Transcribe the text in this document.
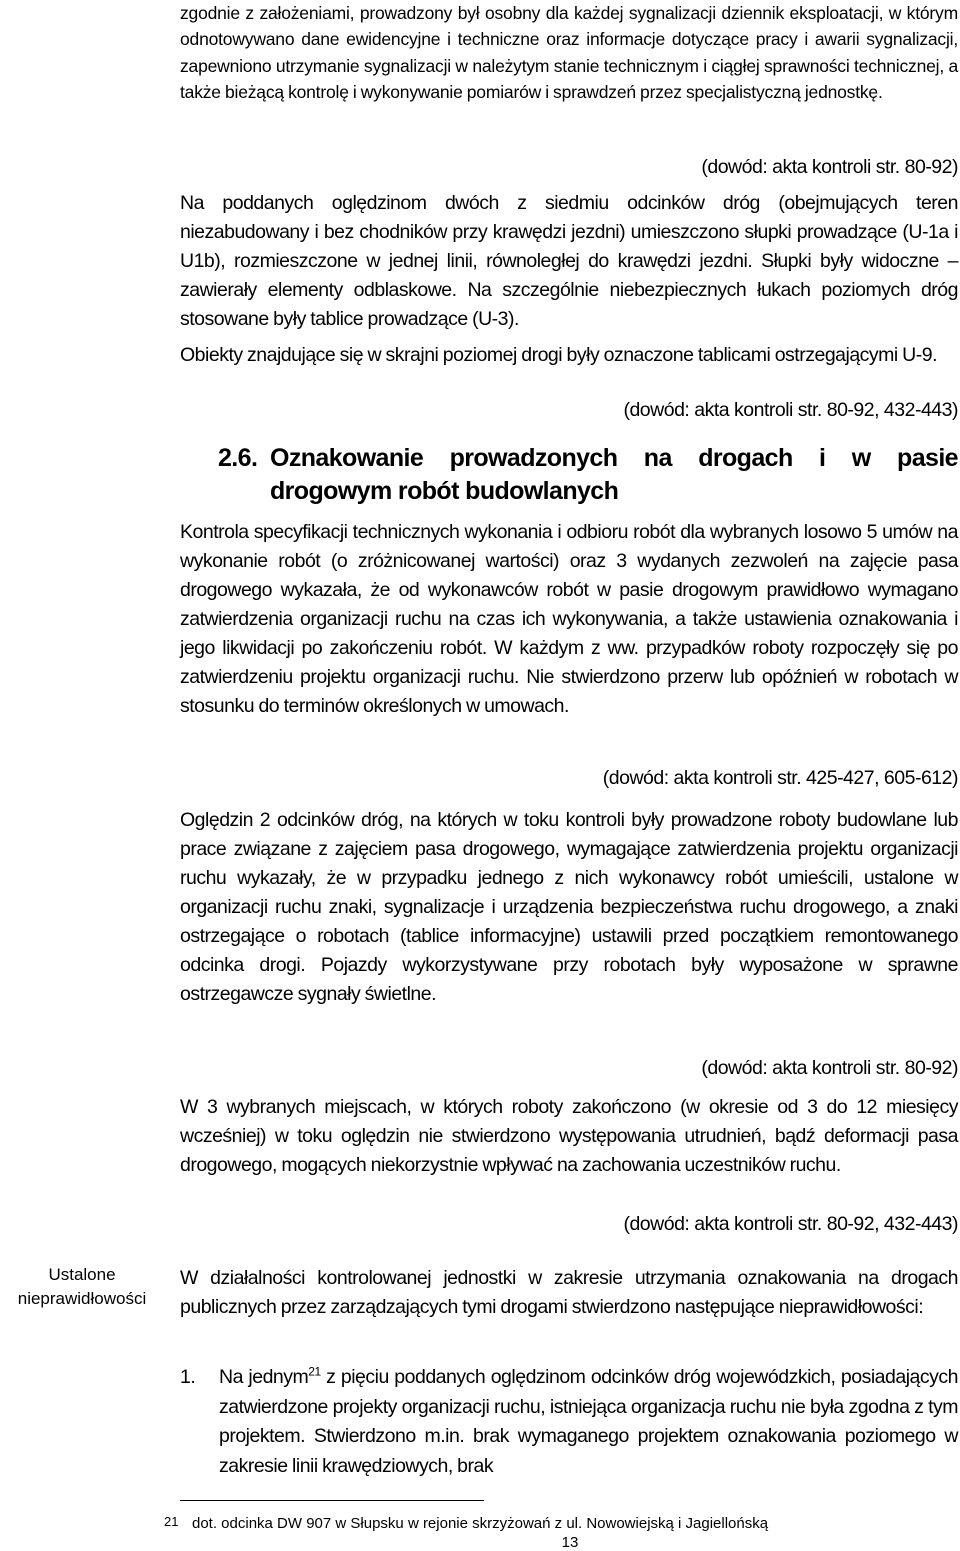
zgodnie z założeniami, prowadzony był osobny dla każdej sygnalizacji dziennik eksploatacji, w którym odnotowywano dane ewidencyjne i techniczne oraz informacje dotyczące pracy i awarii sygnalizacji, zapewniono utrzymanie sygnalizacji w należytym stanie technicznym i ciągłej sprawności technicznej, a także bieżącą kontrolę i wykonywanie pomiarów i sprawdzeń przez specjalistyczną jednostkę.

(dowód: akta kontroli str. 80-92)

Na poddanych oględzinom dwóch z siedmiu odcinków dróg (obejmujących teren niezabudowany i bez chodników przy krawędzi jezdni) umieszczono słupki prowadzące (U-1a i U1b), rozmieszczone w jednej linii, równoległej do krawędzi jezdni. Słupki były widoczne – zawierały elementy odblaskowe. Na szczególnie niebezpiecznych łukach poziomych dróg stosowane były tablice prowadzące (U-3).

Obiekty znajdujące się w skrajni poziomej drogi były oznaczone tablicami ostrzegającymi U-9.

(dowód: akta kontroli str. 80-92, 432-443)

2.6. Oznakowanie prowadzonych na drogach i w pasie drogowym robót budowlanych

Kontrola specyfikacji technicznych wykonania i odbioru robót dla wybranych losowo 5 umów na wykonanie robót (o zróżnicowanej wartości) oraz 3 wydanych zezwoleń na zajęcie pasa drogowego wykazała, że od wykonawców robót w pasie drogowym prawidłowo wymagano zatwierdzenia organizacji ruchu na czas ich wykonywania, a także ustawienia oznakowania i jego likwidacji po zakończeniu robót. W każdym z ww. przypadków roboty rozpoczęły się po zatwierdzeniu projektu organizacji ruchu. Nie stwierdzono przerw lub opóźnień w robotach w stosunku do terminów określonych w umowach.

(dowód: akta kontroli str. 425-427, 605-612)

Oględzin 2 odcinków dróg, na których w toku kontroli były prowadzone roboty budowlane lub prace związane z zajęciem pasa drogowego, wymagające zatwierdzenia projektu organizacji ruchu wykazały, że w przypadku jednego z nich wykonawcy robót umieścili, ustalone w organizacji ruchu znaki, sygnalizacje i urządzenia bezpieczeństwa ruchu drogowego, a znaki ostrzegające o robotach (tablice informacyjne) ustawili przed początkiem remontowanego odcinka drogi. Pojazdy wykorzystywane przy robotach były wyposażone w sprawne ostrzegawcze sygnały świetlne.

(dowód: akta kontroli str. 80-92)

W 3 wybranych miejscach, w których roboty zakończono (w okresie od 3 do 12 miesięcy wcześniej) w toku oględzin nie stwierdzono występowania utrudnień, bądź deformacji pasa drogowego, mogących niekorzystnie wpływać na zachowania uczestników ruchu.

(dowód: akta kontroli str. 80-92, 432-443)

W działalności kontrolowanej jednostki w zakresie utrzymania oznakowania na drogach publicznych przez zarządzających tymi drogami stwierdzono następujące nieprawidłowości:

Ustalone nieprawidłowości
1. Na jednym$^{21}$ z pięciu poddanych oględzinom odcinków dróg wojewódzkich, posiadających zatwierdzone projekty organizacji ruchu, istniejąca organizacja ruchu nie była zgodna z tym projektem. Stwierdzono m.in. brak wymaganego projektem oznakowania poziomego w zakresie linii krawędziowych, brak
21 dot. odcinka DW 907 w Słupsku w rejonie skrzyżowań z ul. Nowowiejską i Jagiellońską
13
